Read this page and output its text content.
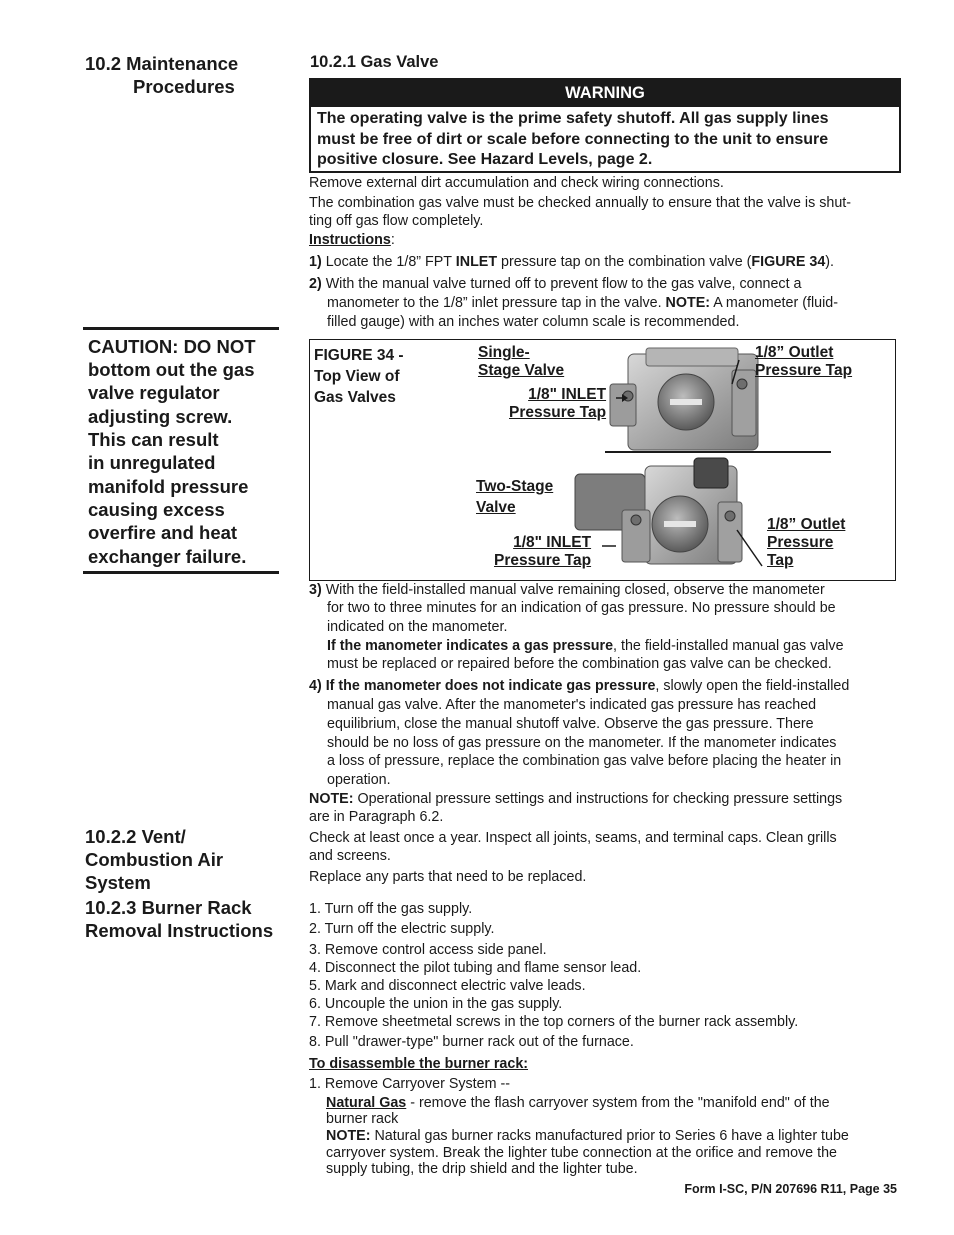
10.2 Maintenance
Procedures
CAUTION: DO NOT
bottom out the gas
valve regulator
adjusting screw.
This can result
in unregulated
manifold pressure
causing excess
overfire and heat
exchanger failure.
10.2.2 Vent/
Combustion Air
System
10.2.3 Burner Rack
Removal Instructions
10.2.1 Gas Valve
WARNING
The operating valve is the prime safety shutoff. All gas supply lines
must be free of dirt or scale before connecting to the unit to ensure
positive closure. See Hazard Levels, page 2.
Remove external dirt accumulation and check wiring connections.
The combination gas valve must be checked annually to ensure that the valve is shut-
ting off gas flow completely.
Instructions:
1) Locate the 1/8” FPT INLET pressure tap on the combination valve (FIGURE 34).
2) With the manual valve turned off to prevent flow to the gas valve, connect a
manometer to the 1/8” inlet pressure tap in the valve. NOTE: A manometer (fluid-
filled gauge) with an inches water column scale is recommended.
FIGURE 34 -
Top View of
Gas Valves
Single-
Stage Valve
1/8" INLET
Pressure Tap
1/8” Outlet
Pressure Tap
Two-Stage
Valve
1/8" INLET
Pressure Tap
1/8” Outlet
Pressure
Tap
3) With the field-installed manual valve remaining closed, observe the manometer
for two to three minutes for an indication of gas pressure. No pressure should be
indicated on the manometer.
If the manometer indicates a gas pressure, the field-installed manual gas valve
must be replaced or repaired before the combination gas valve can be checked.
4) If the manometer does not indicate gas pressure, slowly open the field-installed
manual gas valve. After the manometer's indicated gas pressure has reached
equilibrium, close the manual shutoff valve. Observe the gas pressure. There
should be no loss of gas pressure on the manometer. If the manometer indicates
a loss of pressure, replace the combination gas valve before placing the heater in
operation.
NOTE: Operational pressure settings and instructions for checking pressure settings
are in Paragraph 6.2.
Check at least once a year. Inspect all joints, seams, and terminal caps. Clean grills
and screens.
Replace any parts that need to be replaced.
1. Turn off the gas supply.
2. Turn off the electric supply.
3. Remove control access side panel.
4. Disconnect the pilot tubing and flame sensor lead.
5. Mark and disconnect electric valve leads.
6. Uncouple the union in the gas supply.
7. Remove sheetmetal screws in the top corners of the burner rack assembly.
8. Pull "drawer-type" burner rack out of the furnace.
To disassemble the burner rack:
1. Remove Carryover System --
Natural Gas - remove the flash carryover system from the "manifold end" of the
burner rack
NOTE: Natural gas burner racks manufactured prior to Series 6 have a lighter tube
carryover system. Break the lighter tube connection at the orifice and remove the
supply tubing, the drip shield and the lighter tube.
Form I-SC, P/N 207696 R11, Page 35
